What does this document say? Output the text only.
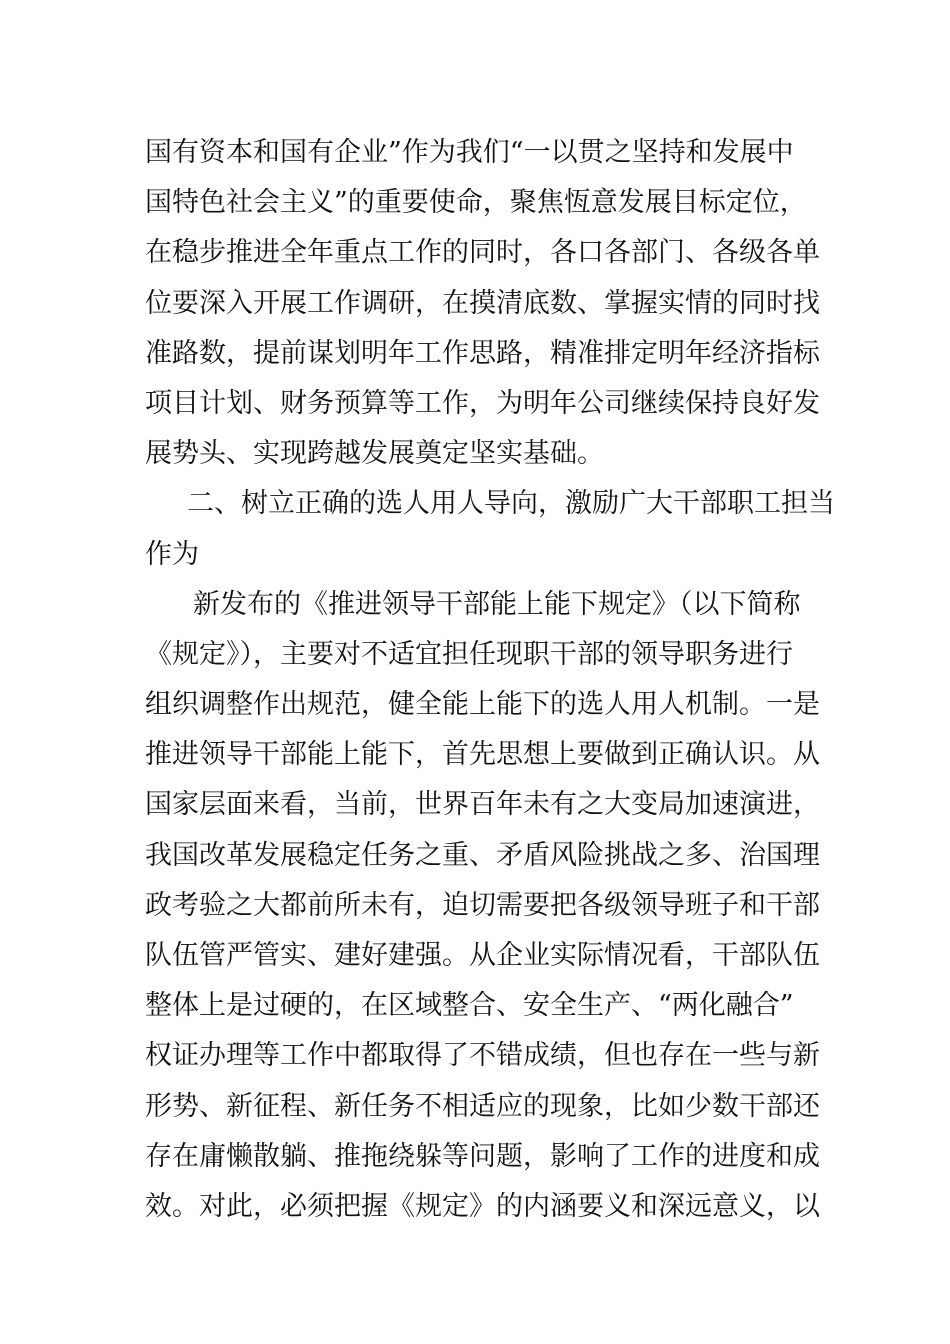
国有资本和国有企业”作为我们“一以贯之坚持和发展中
国特色社会主义”的重要使命，聚焦恆意发展目标定位，
在稳步推进全年重点工作的同时，各口各部门、各级各单
位要深入开展工作调研，在摸清底数、掌握实情的同时找
准路数，提前谋划明年工作思路，精准排定明年经济指标
项目计划、财务预算等工作，为明年公司继续保持良好发
展势头、实现跨越发展奠定坚实基础。
二、树立正确的选人用人导向，激励广大干部职工担当
作为
新发布的《推进领导干部能上能下规定》（以下简称
《规定》），主要对不适宜担任现职干部的领导职务进行
组织调整作出规范，健全能上能下的选人用人机制。一是
推进领导干部能上能下，首先思想上要做到正确认识。从
国家层面来看，当前，世界百年未有之大变局加速演进，
我国改革发展稳定任务之重、矛盾风险挑战之多、治国理
政考验之大都前所未有，迫切需要把各级领导班子和干部
队伍管严管实、建好建强。从企业实际情况看，干部队伍
整体上是过硬的，在区域整合、安全生产、“两化融合”
权证办理等工作中都取得了不错成绩，但也存在一些与新
形势、新征程、新任务不相适应的现象，比如少数干部还
存在庸懒散躺、推拖绕躲等问题，影响了工作的进度和成
效。对此，必须把握《规定》的内涵要义和深远意义，以
